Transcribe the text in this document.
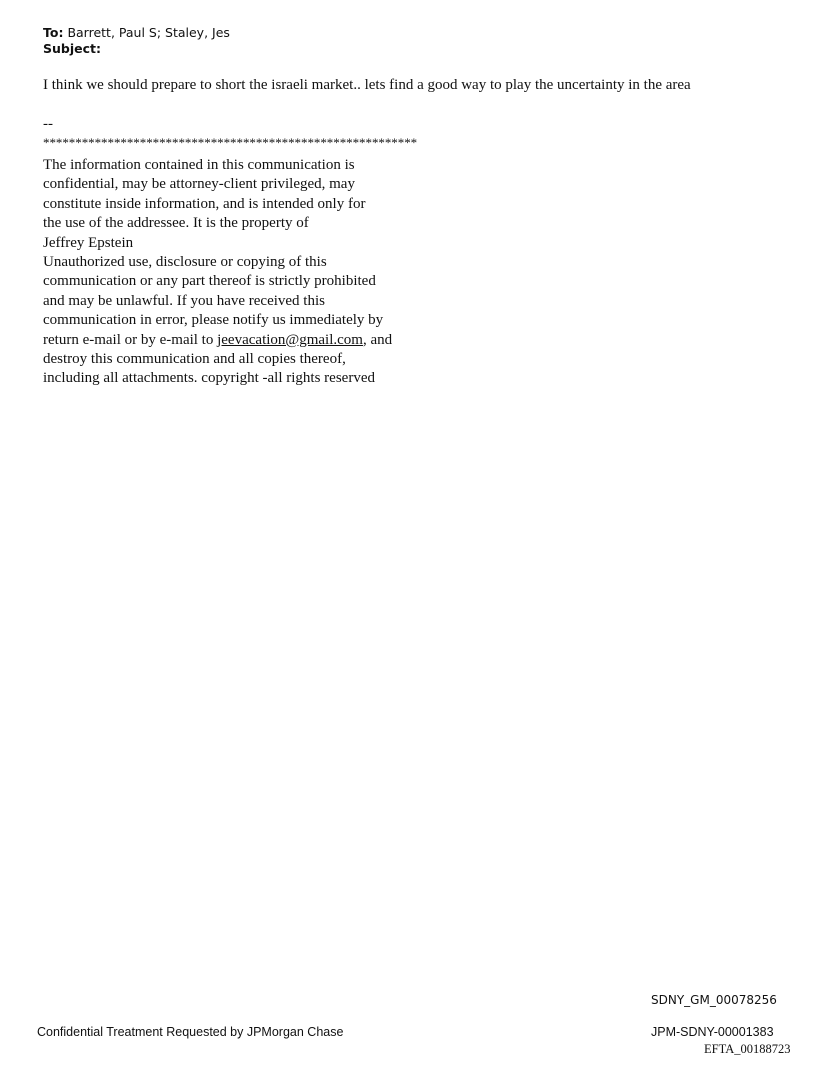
To: Barrett, Paul S; Staley, Jes
Subject:
I think we should prepare to short the israeli market.. lets find a good way to play the uncertainty in the area
--
**********************************************************
The information contained in this communication is
confidential, may be attorney-client privileged, may
constitute inside information, and is intended only for
the use of the addressee. It is the property of
Jeffrey Epstein
Unauthorized use, disclosure or copying of this
communication or any part thereof is strictly prohibited
and may be unlawful. If you have received this
communication in error, please notify us immediately by
return e-mail or by e-mail to jeevacation@gmail.com, and
destroy this communication and all copies thereof,
including all attachments. copyright -all rights reserved
SDNY_GM_00078256
Confidential Treatment Requested by JPMorgan Chase	JPM-SDNY-00001383
EFTA_00188723
